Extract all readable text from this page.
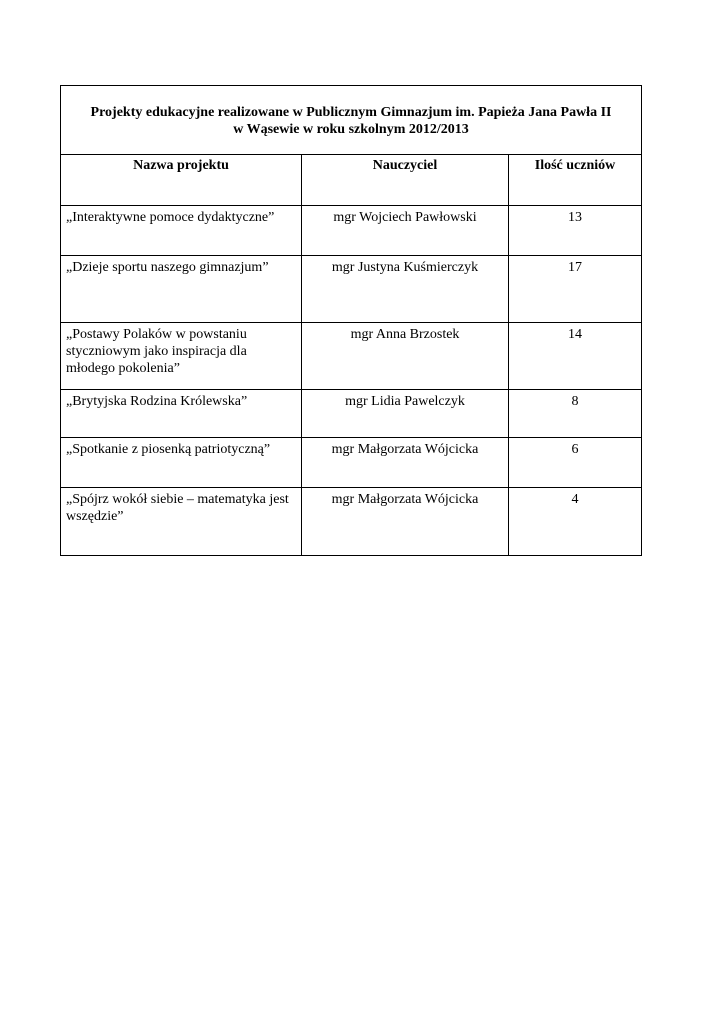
Projekty edukacyjne realizowane w Publicznym Gimnazjum im. Papieża Jana Pawła II
w Wąsewie w roku szkolnym 2012/2013		

Nazwa projektu	Nauczyciel	Ilość uczniów

„Interaktywne pomoce dydaktyczne”	mgr Wojciech Pawłowski	13

„Dzieje sportu naszego gimnazjum”	mgr Justyna Kuśmierczyk	17

„Postawy Polaków w powstaniu styczniowym jako inspiracja dla młodego pokolenia”	mgr Anna Brzostek	14

„Brytyjska Rodzina Królewska”	mgr Lidia Pawelczyk	8

„Spotkanie z piosenką patriotyczną”	mgr Małgorzata Wójcicka	6

„Spójrz wokół siebie – matematyka jest wszędzie”	mgr Małgorzata Wójcicka	4
